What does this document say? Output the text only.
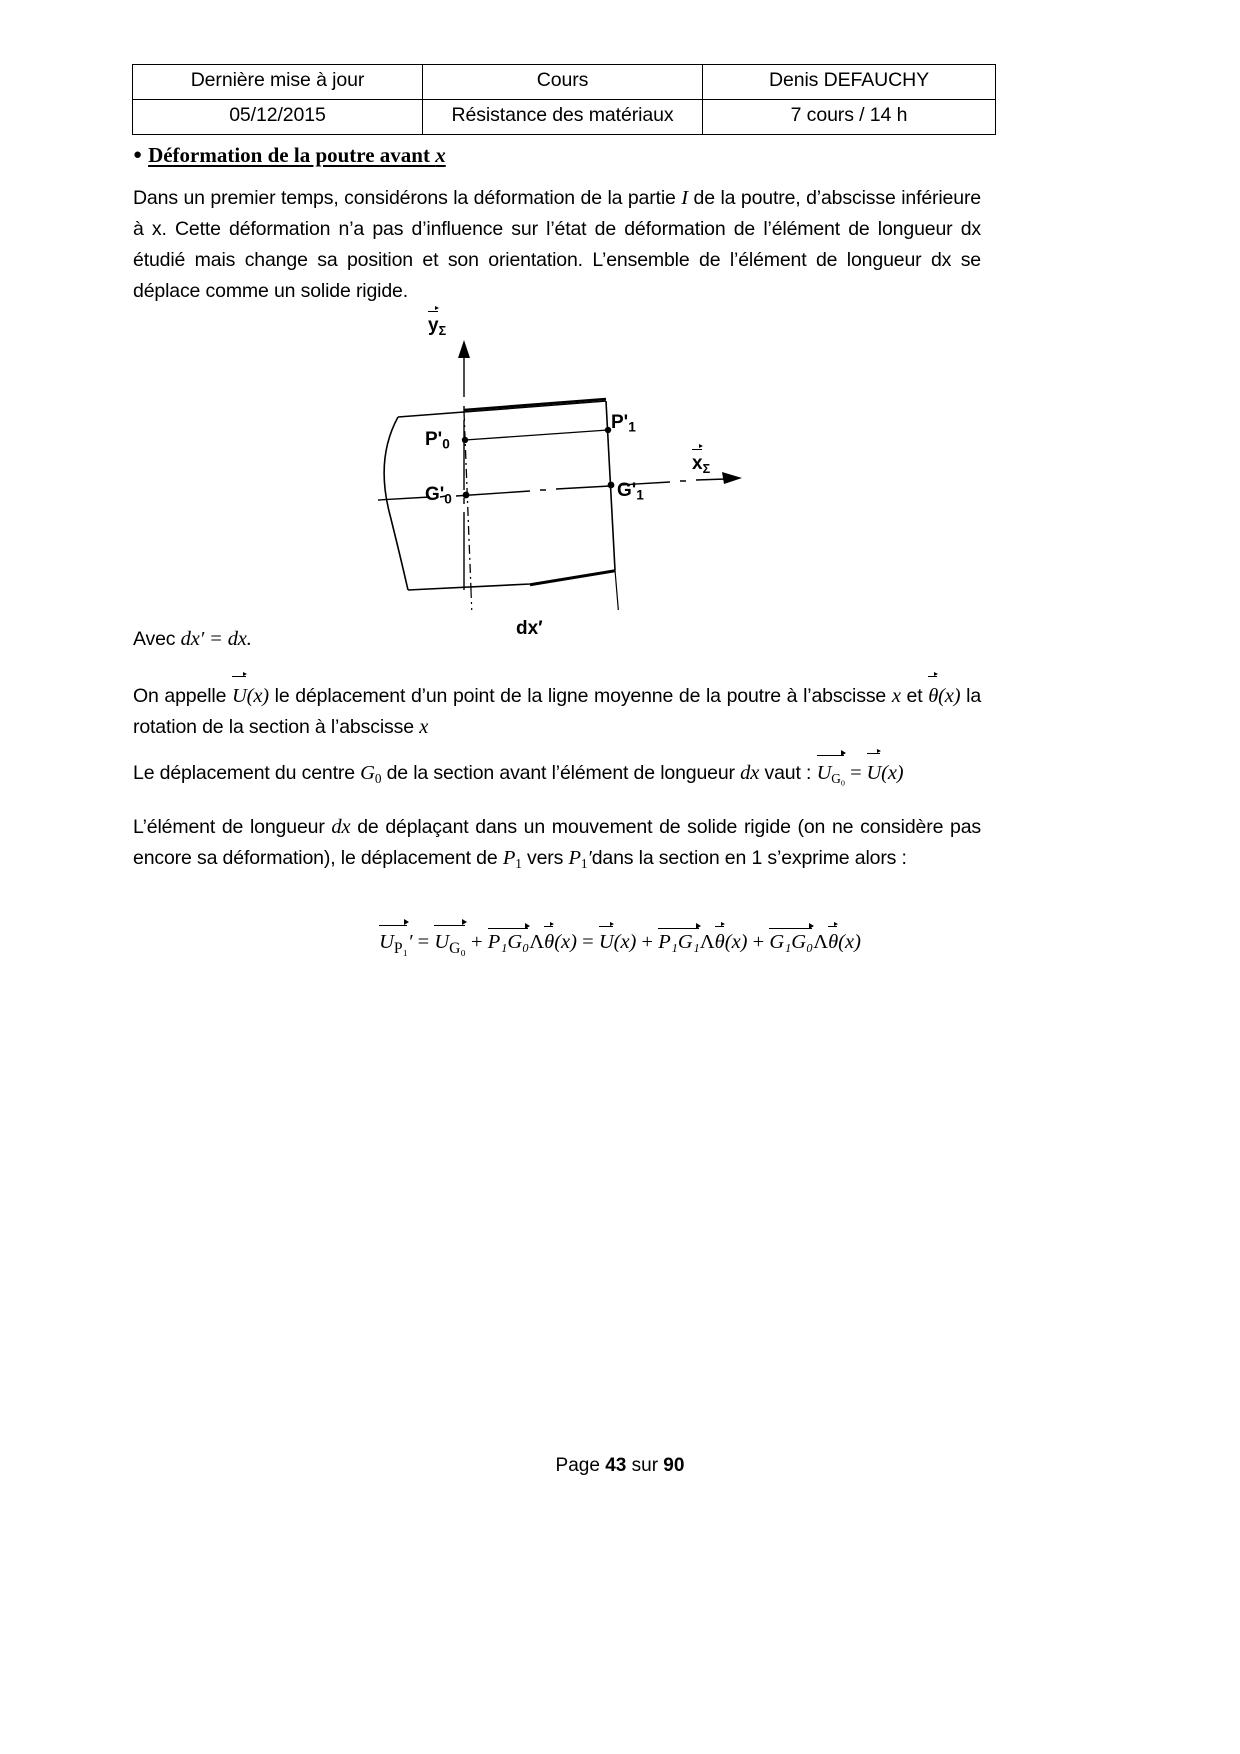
Dernière mise à jour	Cours	Denis DEFAUCHY
05/12/2015	Résistance des matériaux	7 cours / 14 h
● Déformation de la poutre avant x
Dans un premier temps, considérons la déformation de la partie I de la poutre, d’abscisse inférieure à x. Cette déformation n’a pas d’influence sur l’état de déformation de l’élément de longueur dx étudié mais change sa position et son orientation. L’ensemble de l’élément de longueur dx se déplace comme un solide rigide.
yΣ
xΣ
P'0
P'1
G'0	G'1
dx′
Avec dx′ = dx.
On appelle U(x) le déplacement d’un point de la ligne moyenne de la poutre à l’abscisse x et θ(x) la rotation de la section à l’abscisse x
Le déplacement du centre $G_0$ de la section avant l’élément de longueur dx vaut : $U_{G_0} = U(x)$
L’élément de longueur dx de déplaçant dans un mouvement de solide rigide (on ne considère pas encore sa déformation), le déplacement de $P_1$ vers $P_1'dans$ la section en 1 s’exprime alors :
$U_{P_1}' = U_{G_0} + P_1G_0\Lambda\theta(x) = U(x) + P_1G_1\Lambda\theta(x) + G_1G_0\Lambda\theta(x)$
Page 43 sur 90
